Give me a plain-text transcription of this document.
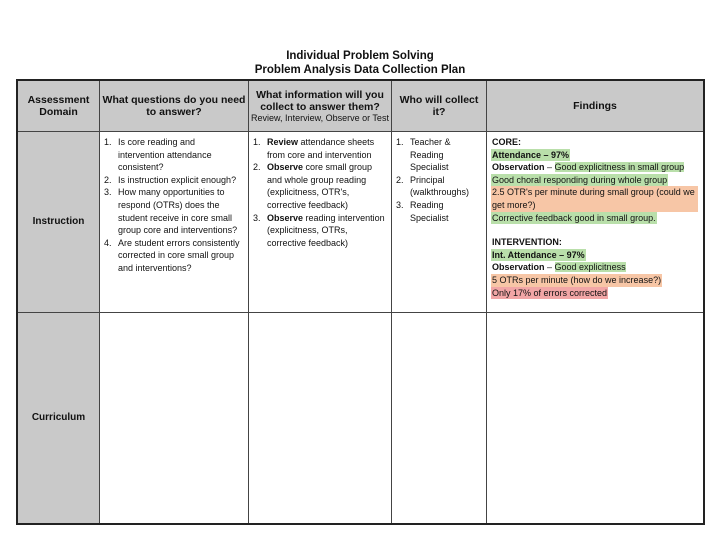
Individual Problem Solving
Problem Analysis Data Collection Plan
Assessment Domain
What questions do you need to answer?
What information will you collect to answer them?
Review, Interview, Observe or Test
Who will collect it?	Findings
Instruction
1. Is core reading and intervention attendance consistent?
2. Is instruction explicit enough?
3. How many opportunities to respond (OTRs) does the student receive in core small group core and interventions?
4. Are student errors consistently corrected in core small group and interventions?
1. Review attendance sheets from core and intervention
2. Observe core small group and whole group reading (explicitness, OTR's, corrective feedback)
3. Observe reading intervention (explicitness, OTRs, corrective feedback)
1. Teacher & Reading Specialist
2. Principal (walkthroughs)
3. Reading Specialist
CORE:
Attendance – 97%
Observation – Good explicitness in small group
Good choral responding during whole group
2.5 OTR's per minute during small group (could we get more?)
Corrective feedback good in small group.
INTERVENTION:
Int. Attendance – 97%
Observation – Good explicitness
5 OTRs per minute (how do we increase?)
Only 17% of errors corrected
Curriculum
